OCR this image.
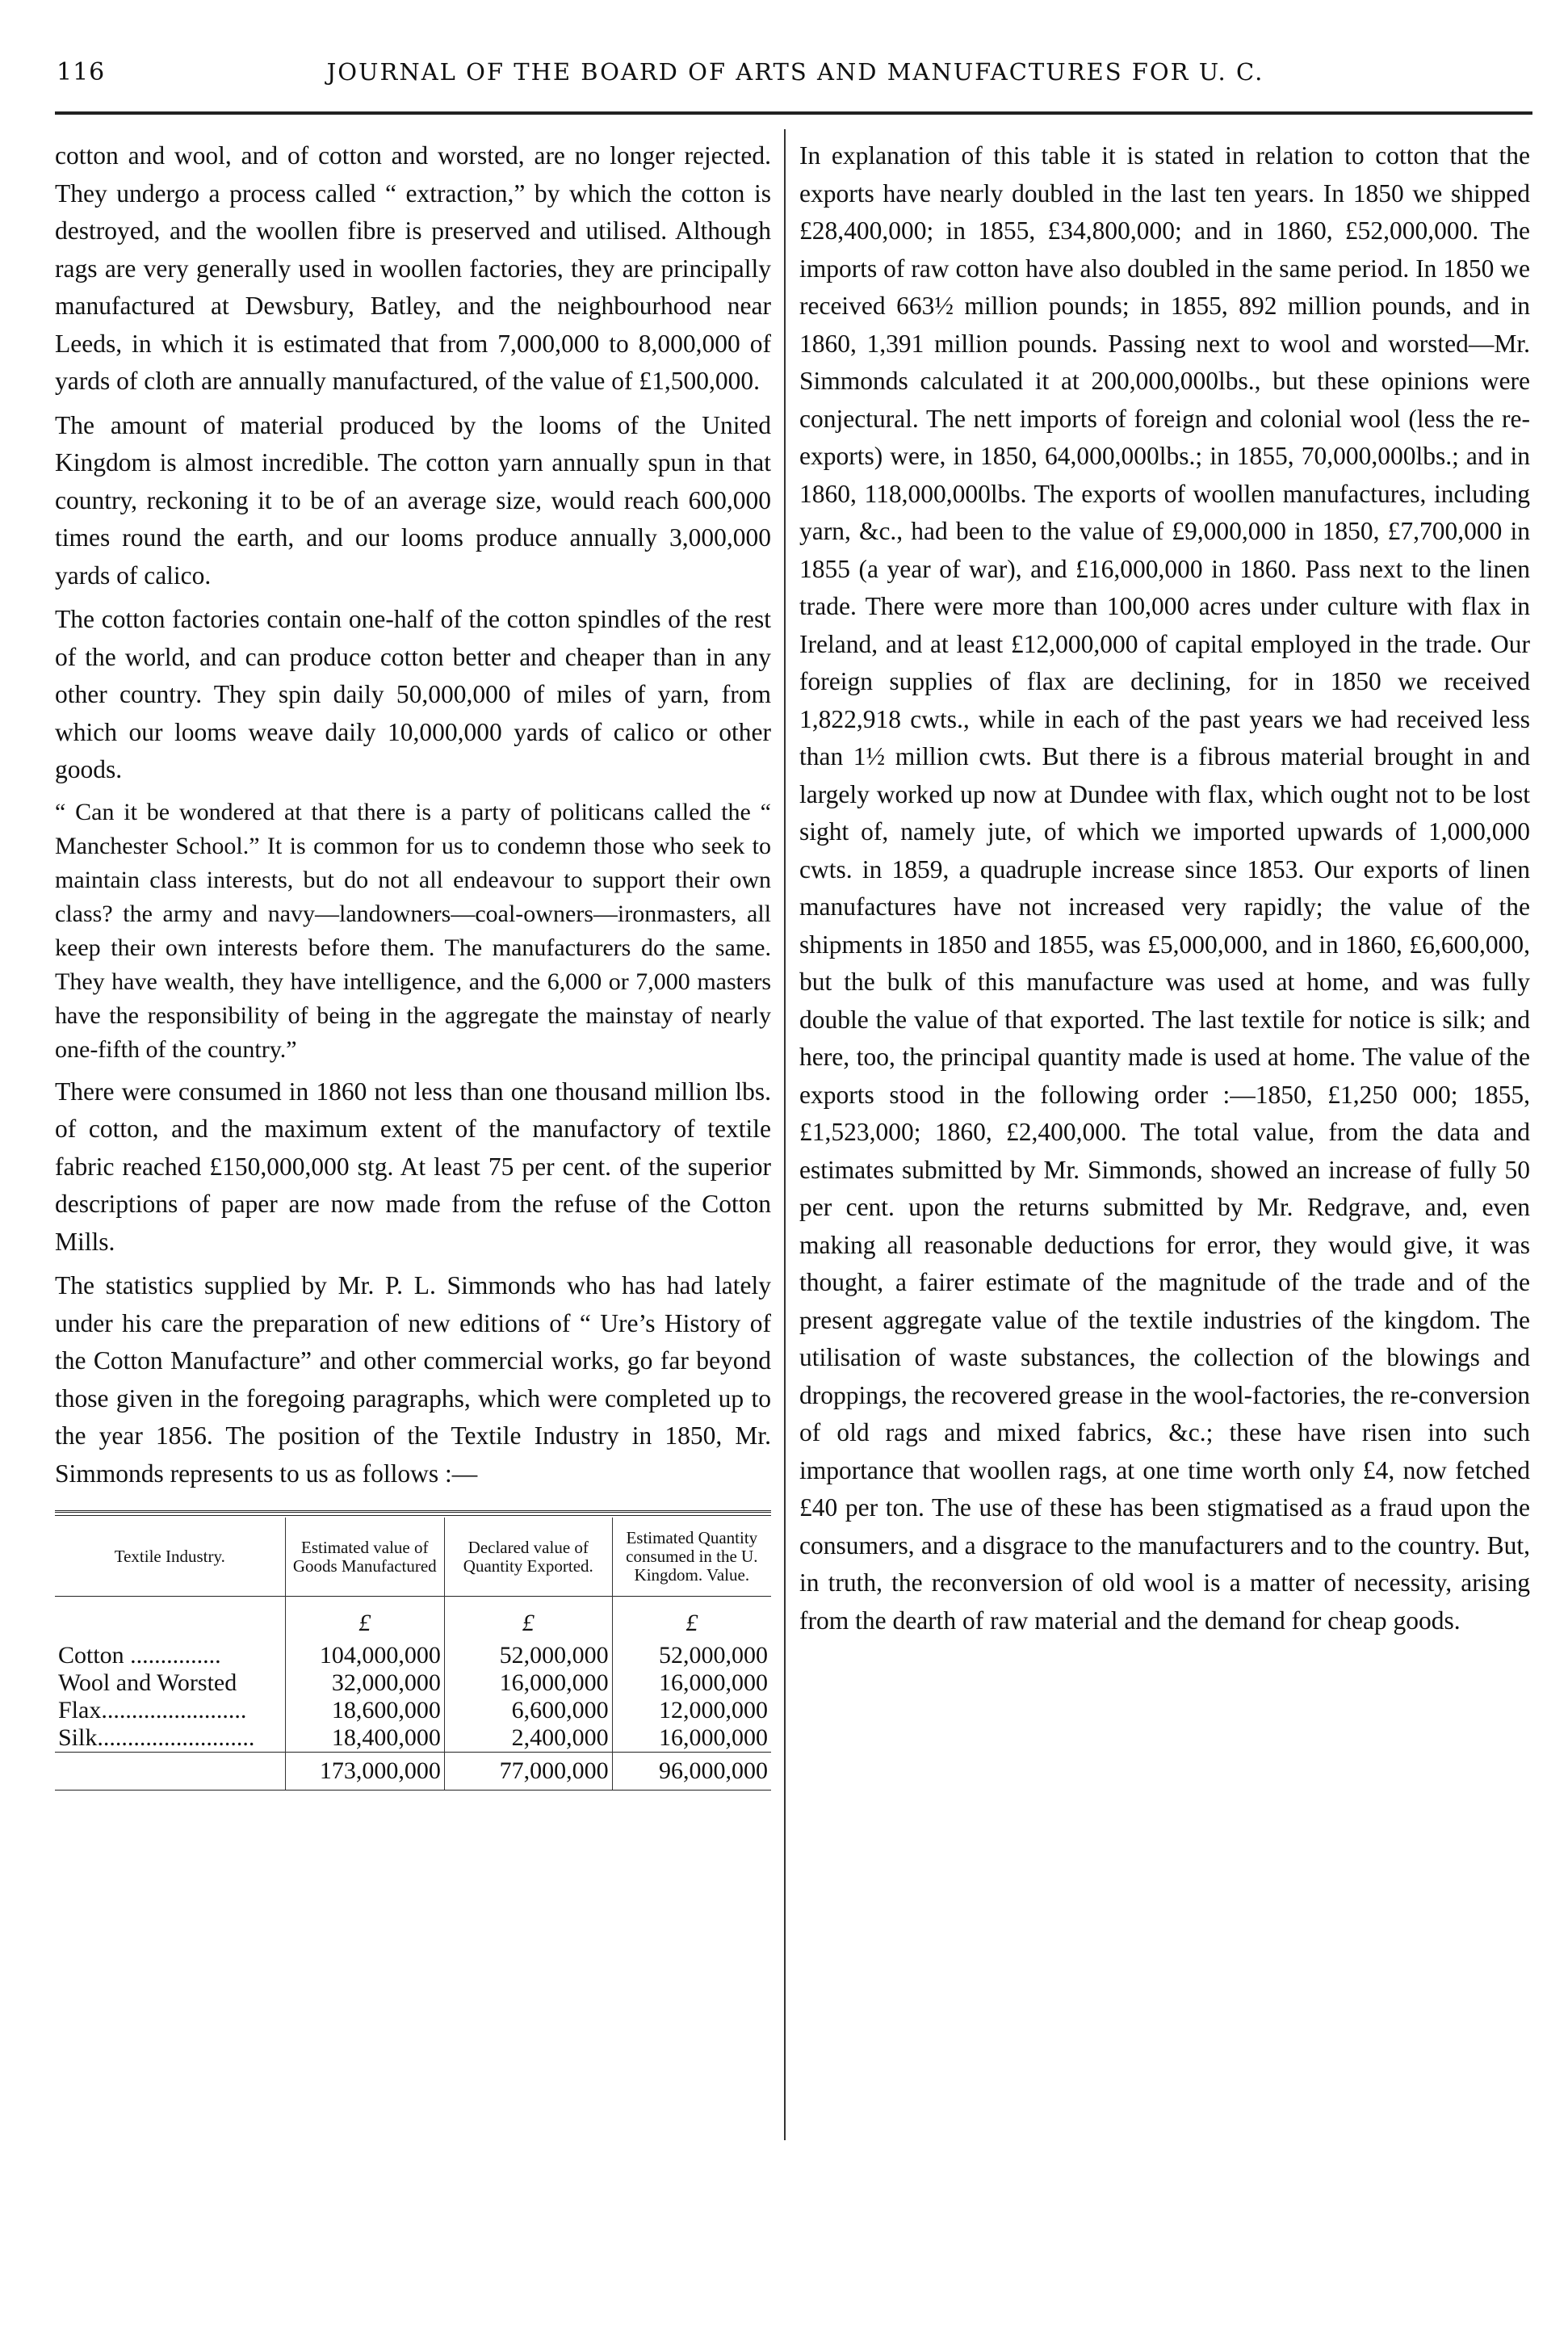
116	JOURNAL OF THE BOARD OF ARTS AND MANUFACTURES FOR U. C.

cotton and wool, and of cotton and worsted, are no longer rejected. They undergo a process called “ extraction,” by which the cotton is destroyed, and the woollen fibre is preserved and utilised. Although rags are very generally used in woollen factories, they are principally manufactured at Dewsbury, Batley, and the neighbourhood near Leeds, in which it is estimated that from 7,000,000 to 8,000,000 of yards of cloth are annually manufactured, of the value of £1,500,000.

The amount of material produced by the looms of the United Kingdom is almost incredible. The cotton yarn annually spun in that country, reckoning it to be of an average size, would reach 600,000 times round the earth, and our looms produce annually 3,000,000 yards of calico.

The cotton factories contain one-half of the cotton spindles of the rest of the world, and can produce cotton better and cheaper than in any other country. They spin daily 50,000,000 of miles of yarn, from which our looms weave daily 10,000,000 yards of calico or other goods.

“ Can it be wondered at that there is a party of politicans called the “ Manchester School.” It is common for us to condemn those who seek to maintain class interests, but do not all endeavour to support their own class? the army and navy—landowners—coal-owners—ironmasters, all keep their own interests before them. The manufacturers do the same. They have wealth, they have intelligence, and the 6,000 or 7,000 masters have the responsibility of being in the aggregate the mainstay of nearly one-fifth of the country.”

There were consumed in 1860 not less than one thousand million lbs. of cotton, and the maximum extent of the manufactory of textile fabric reached £150,000,000 stg. At least 75 per cent. of the superior descriptions of paper are now made from the refuse of the Cotton Mills.

The statistics supplied by Mr. P. L. Simmonds who has had lately under his care the preparation of new editions of “ Ure’s History of the Cotton Manufacture” and other commercial works, go far beyond those given in the foregoing paragraphs, which were completed up to the year 1856. The position of the Textile Industry in 1850, Mr. Simmonds represents to us as follows :—

Textile Industry.	Estimated value of Goods Manufactured	Declared value of Quantity Exported.	Estimated Quantity consumed in the U. Kingdom. Value.
	£	£	£
Cotton ...............	104,000,000	52,000,000	52,000,000
Wool and Worsted	32,000,000	16,000,000	16,000,000
Flax........................	18,600,000	6,600,000	12,000,000
Silk..........................	18,400,000	2,400,000	16,000,000
	173,000,000	77,000,000	96,000,000

In explanation of this table it is stated in relation to cotton that the exports have nearly doubled in the last ten years. In 1850 we shipped £28,400,000; in 1855, £34,800,000; and in 1860, £52,000,000. The imports of raw cotton have also doubled in the same period. In 1850 we received 663½ million pounds; in 1855, 892 million pounds, and in 1860, 1,391 million pounds. Passing next to wool and worsted—Mr. Simmonds calculated it at 200,000,000lbs., but these opinions were conjectural. The nett imports of foreign and colonial wool (less the re-exports) were, in 1850, 64,000,000lbs.; in 1855, 70,000,000lbs.; and in 1860, 118,000,000lbs. The exports of woollen manufactures, including yarn, &c., had been to the value of £9,000,000 in 1850, £7,700,000 in 1855 (a year of war), and £16,000,000 in 1860. Pass next to the linen trade. There were more than 100,000 acres under culture with flax in Ireland, and at least £12,000,000 of capital employed in the trade. Our foreign supplies of flax are declining, for in 1850 we received 1,822,918 cwts., while in each of the past years we had received less than 1½ million cwts. But there is a fibrous material brought in and largely worked up now at Dundee with flax, which ought not to be lost sight of, namely jute, of which we imported upwards of 1,000,000 cwts. in 1859, a quadruple increase since 1853. Our exports of linen manufactures have not increased very rapidly; the value of the shipments in 1850 and 1855, was £5,000,000, and in 1860, £6,600,000, but the bulk of this manufacture was used at home, and was fully double the value of that exported. The last textile for notice is silk; and here, too, the principal quantity made is used at home. The value of the exports stood in the following order :—1850, £1,250 000; 1855, £1,523,000; 1860, £2,400,000. The total value, from the data and estimates submitted by Mr. Simmonds, showed an increase of fully 50 per cent. upon the returns submitted by Mr. Redgrave, and, even making all reasonable deductions for error, they would give, it was thought, a fairer estimate of the magnitude of the trade and of the present aggregate value of the textile industries of the kingdom. The utilisation of waste substances, the collection of the blowings and droppings, the recovered grease in the wool-factories, the re-conversion of old rags and mixed fabrics, &c.; these have risen into such importance that woollen rags, at one time worth only £4, now fetched £40 per ton. The use of these has been stigmatised as a fraud upon the consumers, and a disgrace to the manufacturers and to the country. But, in truth, the reconversion of old wool is a matter of necessity, arising from the dearth of raw material and the demand for cheap goods.
